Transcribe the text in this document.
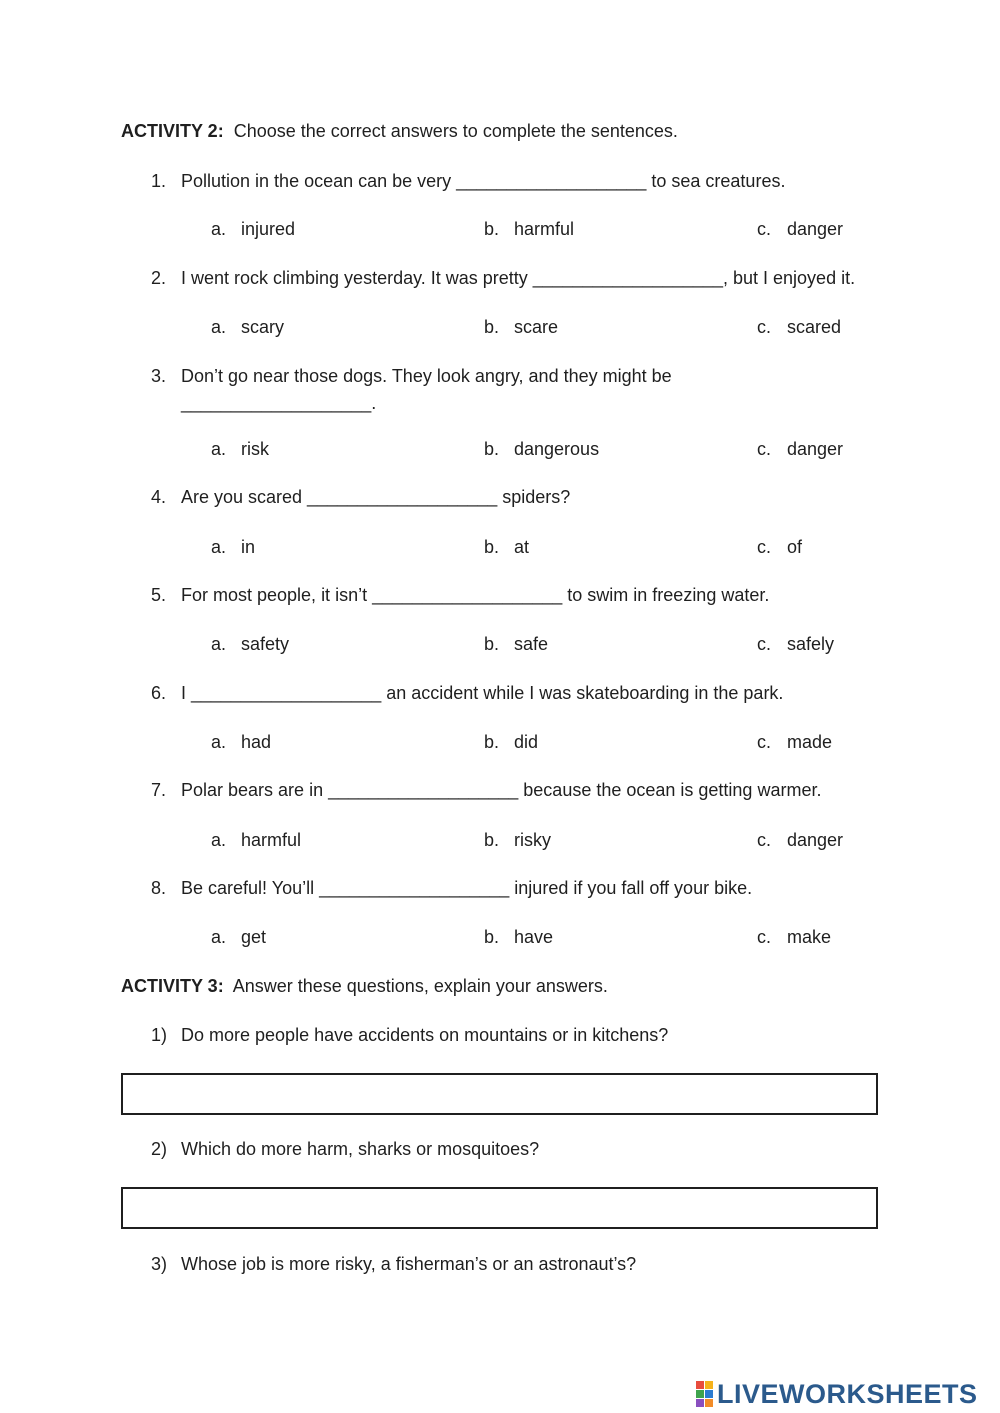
ACTIVITY 2: Choose the correct answers to complete the sentences.
1. Pollution in the ocean can be very ___________________ to sea creatures.
a. injured	b. harmful	c. danger
2. I went rock climbing yesterday. It was pretty ___________________, but I enjoyed it.
a. scary	b. scare	c. scared
3. Don’t go near those dogs. They look angry, and they might be
___________________.
a. risk	b. dangerous	c. danger
4. Are you scared ___________________ spiders?
a. in	b. at	c. of
5. For most people, it isn’t ___________________ to swim in freezing water.
a. safety	b. safe	c. safely
6. I ___________________ an accident while I was skateboarding in the park.
a. had	b. did	c. made
7. Polar bears are in ___________________ because the ocean is getting warmer.
a. harmful	b. risky	c. danger
8. Be careful! You’ll ___________________ injured if you fall off your bike.
a. get	b. have	c. make
ACTIVITY 3: Answer these questions, explain your answers.
1) Do more people have accidents on mountains or in kitchens?
2) Which do more harm, sharks or mosquitoes?
3) Whose job is more risky, a fisherman’s or an astronaut’s?
LIVEWORKSHEETS
